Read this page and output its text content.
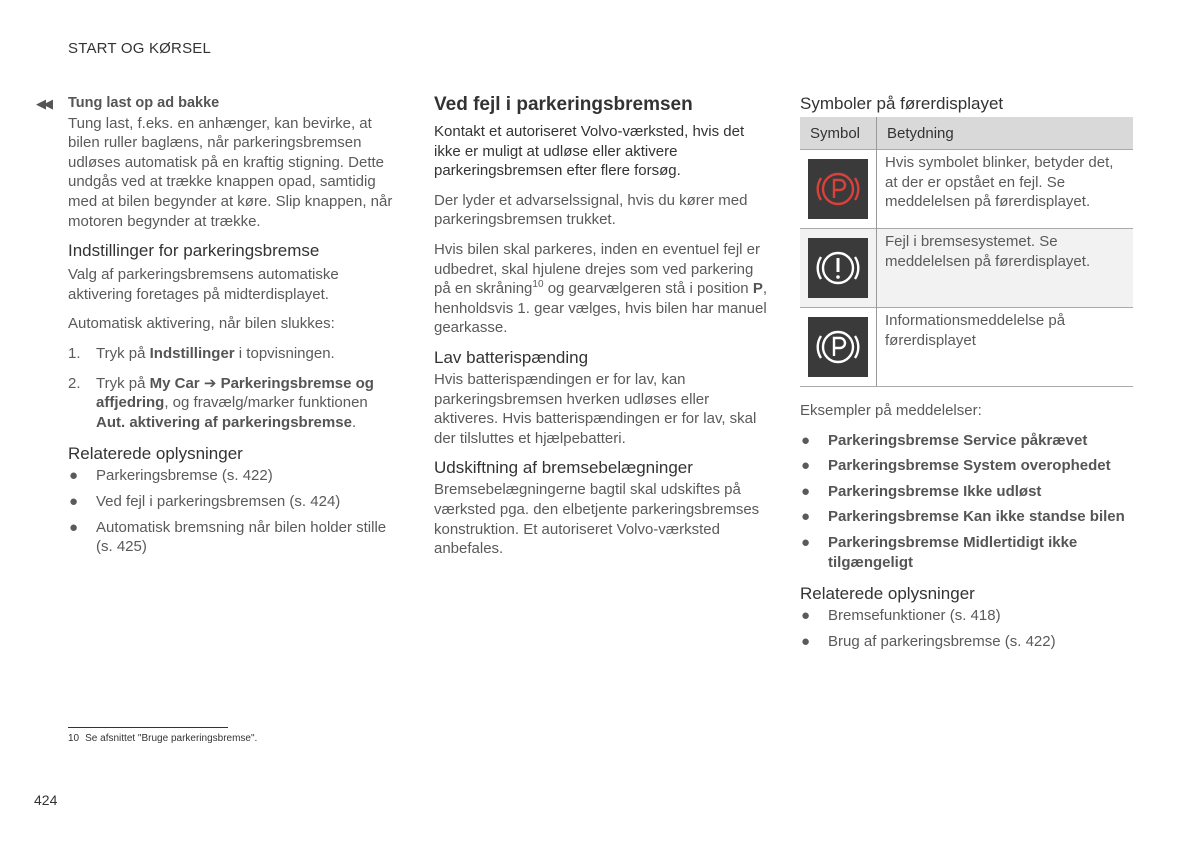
START OG KØRSEL
◀◀ Tung last op ad bakke

Tung last, f.eks. en anhænger, kan bevirke, at bilen ruller baglæns, når parkeringsbremsen udløses automatisk på en kraftig stigning. Dette undgås ved at trække knappen opad, samtidig med at bilen begynder at køre. Slip knappen, når motoren begynder at trække.

Indstillinger for parkeringsbremse

Valg af parkeringsbremsens automatiske aktivering foretages på midterdisplayet.

Automatisk aktivering, når bilen slukkes:

1. Tryk på Indstillinger i topvisningen.
2. Tryk på My Car ➔ Parkeringsbremse og affjedring, og fravælg/marker funktionen Aut. aktivering af parkeringsbremse.
Relaterede oplysninger
● Parkeringsbremse (s. 422)
● Ved fejl i parkeringsbremsen (s. 424)
● Automatisk bremsning når bilen holder stille (s. 425)
Ved fejl i parkeringsbremsen

Kontakt et autoriseret Volvo-værksted, hvis det ikke er muligt at udløse eller aktivere parkeringsbremsen efter flere forsøg.

Der lyder et advarselssignal, hvis du kører med parkeringsbremsen trukket.

Hvis bilen skal parkeres, inden en eventuel fejl er udbedret, skal hjulene drejes som ved parkering på en skråning$^{10}$ og gearvælgeren stå i position P, henholdsvis 1. gear vælges, hvis bilen har manuel gearkasse.

Lav batterispænding

Hvis batterispændingen er for lav, kan parkeringsbremsen hverken udløses eller aktiveres. Hvis batterispændingen er for lav, skal der tilsluttes et hjælpebatteri.

Udskiftning af bremsebelægninger

Bremsebelægningerne bagtil skal udskiftes på værksted pga. den elbetjente parkeringsbremses konstruktion. Et autoriseret Volvo-værksted anbefales.

Symboler på førerdisplayet
Symbol	Betydning

	Hvis symbolet blinker, betyder det, at der er opstået en fejl. Se meddelelsen på førerdisplayet.

	Fejl i bremsesystemet. Se meddelelsen på førerdisplayet.

	Informationsmeddelelse på førerdisplayet

Eksempler på meddelelser:

● Parkeringsbremse Service påkrævet
● Parkeringsbremse System overophedet
● Parkeringsbremse Ikke udløst
● Parkeringsbremse Kan ikke standse bilen
● Parkeringsbremse Midlertidigt ikke tilgængeligt
Relaterede oplysninger
● Bremsefunktioner (s. 418)
● Brug af parkeringsbremse (s. 422)
10 Se afsnittet "Bruge parkeringsbremse".
424
